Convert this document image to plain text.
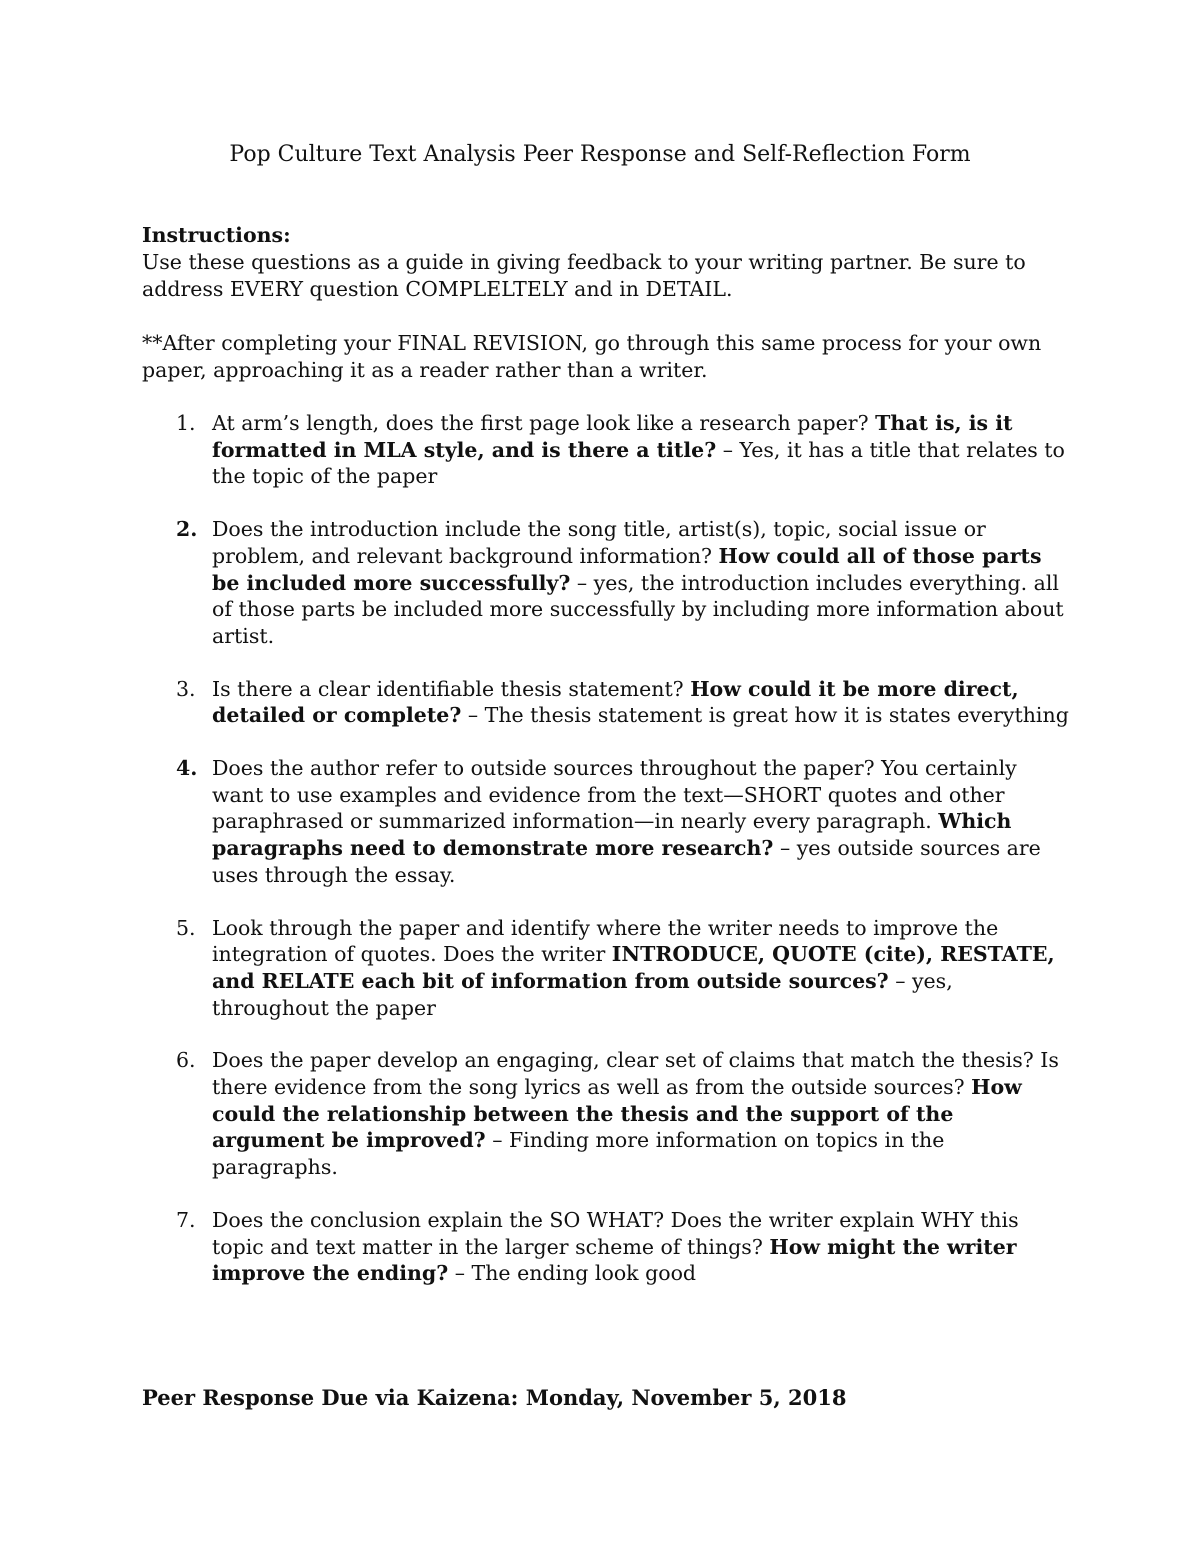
Pop Culture Text Analysis Peer Response and Self-Reflection Form
Instructions:
Use these questions as a guide in giving feedback to your writing partner. Be sure to address EVERY question COMPLELTELY and in DETAIL.
**After completing your FINAL REVISION, go through this same process for your own paper, approaching it as a reader rather than a writer.
1. At arm’s length, does the first page look like a research paper? That is, is it formatted in MLA style, and is there a title? – Yes, it has a title that relates to the topic of the paper
2. Does the introduction include the song title, artist(s), topic, social issue or problem, and relevant background information? How could all of those parts be included more successfully? – yes, the introduction includes everything. all of those parts be included more successfully by including more information about artist.
3. Is there a clear identifiable thesis statement? How could it be more direct, detailed or complete? – The thesis statement is great how it is states everything
4. Does the author refer to outside sources throughout the paper? You certainly want to use examples and evidence from the text—SHORT quotes and other paraphrased or summarized information—in nearly every paragraph. Which paragraphs need to demonstrate more research? – yes outside sources are uses through the essay.
5. Look through the paper and identify where the writer needs to improve the integration of quotes. Does the writer INTRODUCE, QUOTE (cite), RESTATE, and RELATE each bit of information from outside sources? – yes, throughout the paper
6. Does the paper develop an engaging, clear set of claims that match the thesis? Is there evidence from the song lyrics as well as from the outside sources? How could the relationship between the thesis and the support of the argument be improved? – Finding more information on topics in the paragraphs.
7. Does the conclusion explain the SO WHAT? Does the writer explain WHY this topic and text matter in the larger scheme of things? How might the writer improve the ending? – The ending look good
Peer Response Due via Kaizena: Monday, November 5, 2018
